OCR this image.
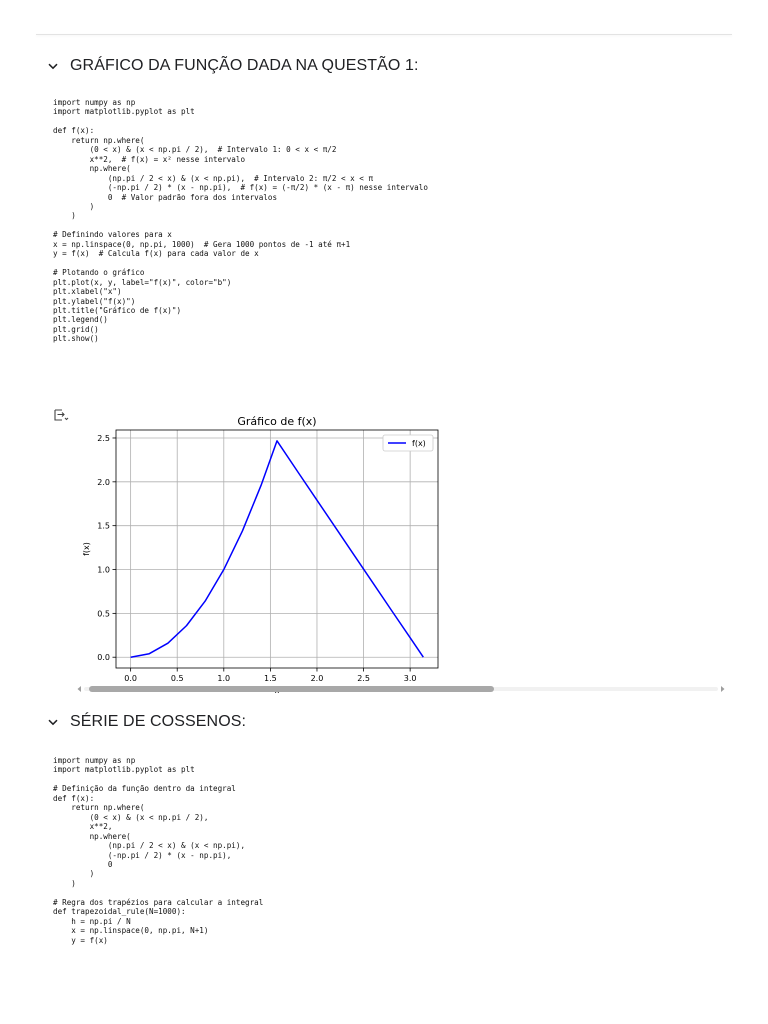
GRÁFICO DA FUNÇÃO DADA NA QUESTÃO 1:
import numpy as np
import matplotlib.pyplot as plt

def f(x):
return np.where(
(0 < x) & (x < np.pi / 2),  # Intervalo 1: 0 < x < π/2
x**2,  # f(x) = x² nesse intervalo
np.where(
(np.pi / 2 < x) & (x < np.pi),  # Intervalo 2: π/2 < x < π
(-np.pi / 2) * (x - np.pi),  # f(x) = (-π/2) * (x - π) nesse intervalo
0  # Valor padrão fora dos intervalos
)
)

# Definindo valores para x
x = np.linspace(0, np.pi, 1000)  # Gera 1000 pontos de -1 até π+1
y = f(x)  # Calcula f(x) para cada valor de x

# Plotando o gráfico
plt.plot(x, y, label="f(x)", color="b")
plt.xlabel("x")
plt.ylabel("f(x)")
plt.title("Gráfico de f(x)")
plt.legend()
plt.grid()
plt.show()
0.0	0.5	1.0	1.5	2.0	2.5	3.0
0.0
0.5
1.0
1.5
2.0
2.5
Gráfico de f(x)
f(x)
f(x)
SÉRIE DE COSSENOS:
import numpy as np
import matplotlib.pyplot as plt

# Definição da função dentro da integral
def f(x):
return np.where(
(0 < x) & (x < np.pi / 2),
x**2,
np.where(
(np.pi / 2 < x) & (x < np.pi),
(-np.pi / 2) * (x - np.pi),
0
)
)

# Regra dos trapézios para calcular a integral
def trapezoidal_rule(N=1000):
h = np.pi / N
x = np.linspace(0, np.pi, N+1)
y = f(x)
